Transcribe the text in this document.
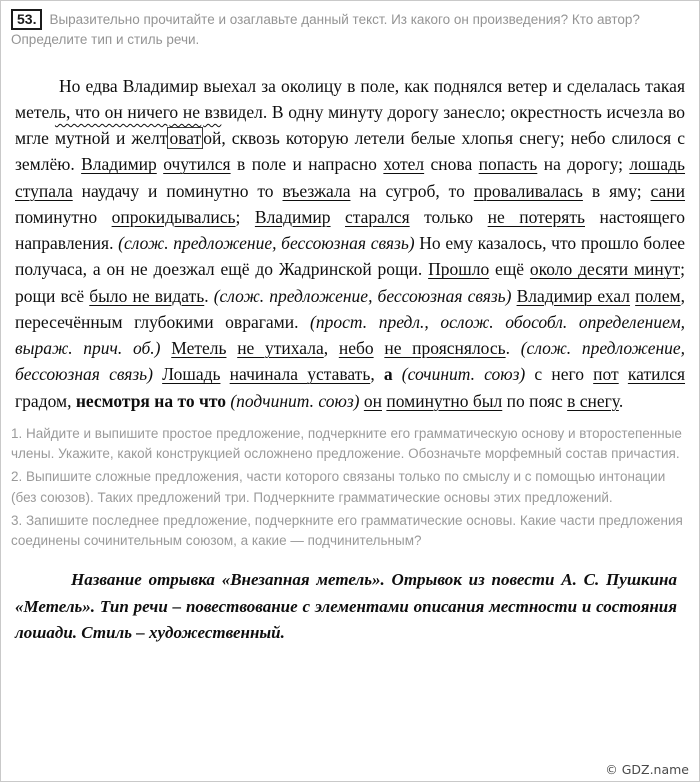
53. Выразительно прочитайте и озаглавьте данный текст. Из какого он произведения? Кто автор? Определите тип и стиль речи.

Но едва Владимир выехал за околицу в поле, как поднялся ветер и сделалась такая метель, что он ничего не взвидел. В одну минуту дорогу занесло; окрестность исчезла во мгле мутной и желт оват ой, сквозь которую летели белые хлопья снегу; небо слилося с землёю. Владимир очутился в поле и напрасно хотел снова попасть на дорогу; лошадь ступала наудачу и поминутно то въезжала на сугроб, то проваливалась в яму; сани поминутно опрокидывались; Владимир старался только не потерять настоящего направления. (слож. предложение, бессоюзная связь) Но ему казалось, что прошло более получаса, а он не доезжал ещё до Жадринской рощи. Прошло ещё около десяти минут; рощи всё было не видать. (слож. предложение, бессоюзная связь) Владимир ехал полем, пересечённым глубокими оврагами. (прост. предл., ослож. обособл. определением, выраж. прич. об.) Метель не утихала, небо не прояснялось. (слож. предложение, бессоюзная связь) Лошадь начинала уставать, а (сочинит. союз) с него пот катился градом, несмотря на то что (подчинит. союз) он поминутно был по пояс в снегу.

1. Найдите и выпишите простое предложение, подчеркните его грамматическую основу и второстепенные члены. Укажите, какой конструкцией осложнено предложение. Обозначьте морфемный состав причастия.

2. Выпишите сложные предложения, части которого связаны только по смыслу и с помощью интонации (без союзов). Таких предложений три. Подчеркните грамматические основы этих предложений.

3. Запишите последнее предложение, подчеркните его грамматические основы. Какие части предложения соединены сочинительным союзом, а какие — подчинительным?

Название отрывка «Внезапная метель». Отрывок из повести А. С. Пушкина «Метель». Тип речи – повествование с элементами описания местности и состояния лошади. Стиль – художественный.

© GDZ.name
